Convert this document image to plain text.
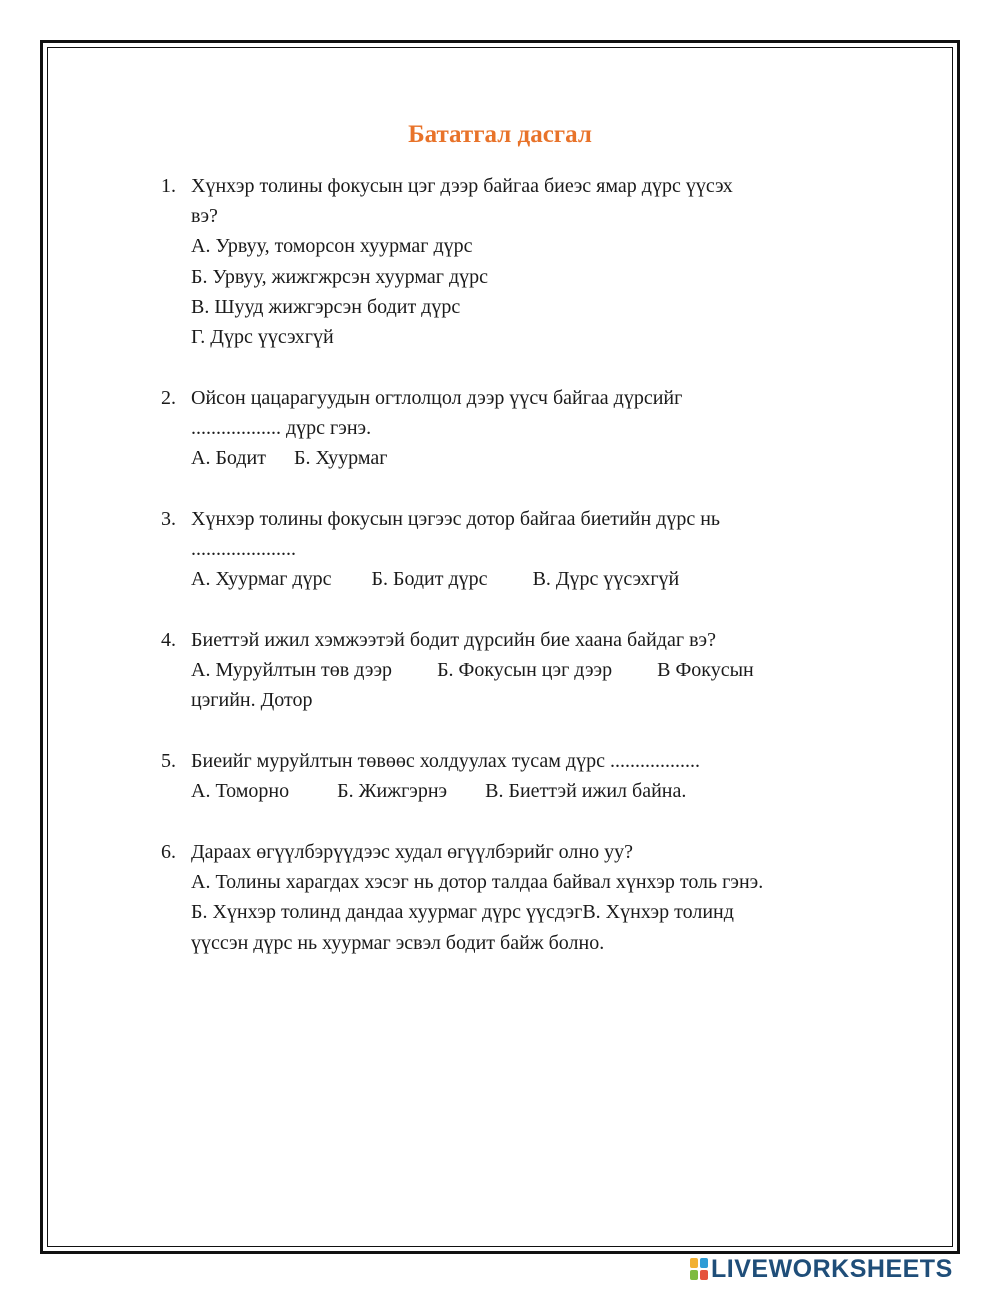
Бататгал дасгал
1. Хүнхэр толины фокусын цэг дээр байгаа биеэс ямар дүрс үүсэх
вэ?
А. Урвуу, томорсон хуурмаг дүрс
Б. Урвуу, жижгжрсэн хуурмаг дүрс
В. Шууд жижгэрсэн бодит дүрс
Г. Дүрс үүсэхгүй
2. Ойсон цацарагуудын огтлолцол дээр үүсч байгаа дүрсийг
.................. дүрс гэнэ.
А. Бодит Б. Хуурмаг
3. Хүнхэр толины фокусын цэгээс дотор байгаа биетийн дүрс нь
.....................
А. Хуурмаг дүрс Б. Бодит дүрс В. Дүрс үүсэхгүй
4. Биеттэй ижил хэмжээтэй бодит дүрсийн бие хаана байдаг вэ?
А. Муруйлтын төв дээр Б. Фокусын цэг дээр В Фокусын
цэгийн. Дотор
5. Биеийг муруйлтын төвөөс холдуулах тусам дүрс ..................
А. Томорно Б. Жижгэрнэ В. Биеттэй ижил байна.
6. Дараах өгүүлбэрүүдээс худал өгүүлбэрийг олно уу?
А. Толины харагдах хэсэг нь дотор талдаа байвал хүнхэр толь гэнэ.
Б. Хүнхэр толинд дандаа хуурмаг дүрс үүсдэгВ. Хүнхэр толинд
үүссэн дүрс нь хуурмаг эсвэл бодит байж болно.
LIVEWORKSHEETS
